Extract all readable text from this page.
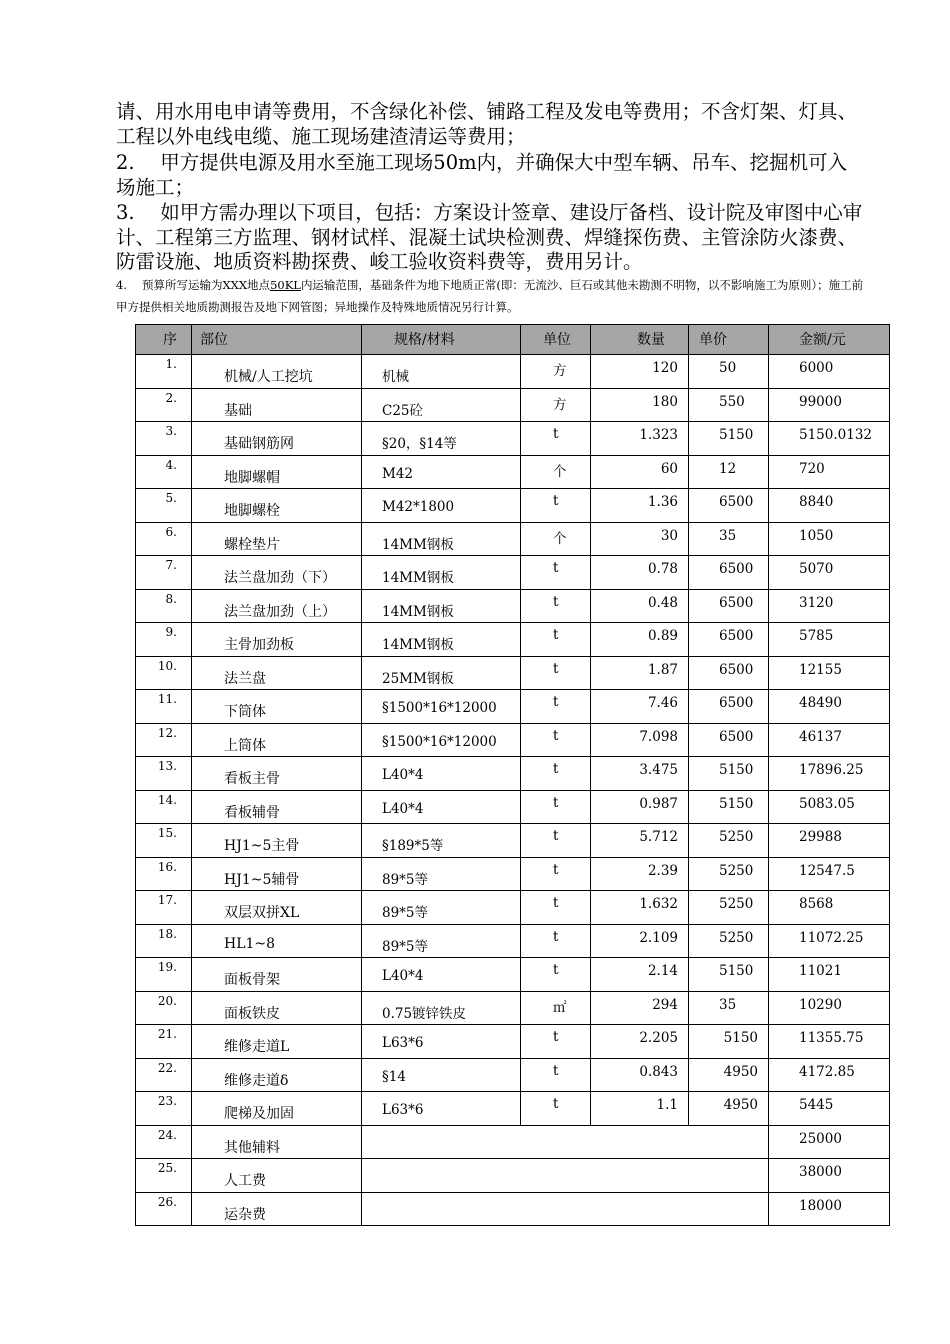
请、用水用电申请等费用，不含绿化补偿、铺路工程及发电等费用；不含灯架、灯具、工程以外电线电缆、施工现场建渣清运等费用；

2.　 甲方提供电源及用水至施工现场50m内，并确保大中型车辆、吊车、挖掘机可入场施工；

3.　 如甲方需办理以下项目，包括：方案设计签章、建设厅备档、设计院及审图中心审计、工程第三方监理、钢材试样、混凝土试块检测费、焊缝探伤费、主管涂防火漆费、防雷设施、地质资料勘探费、峻工验收资料费等，费用另计。

4. 预算所写运输为XXX地点50KL内运输范围，基础条件为地下地质正常(即：无流沙、巨石或其他未勘测不明物，以不影响施工为原则）；施工前甲方提供相关地质勘测报告及地下网管图；异地操作及特殊地质情况另行计算。

序	部位	规格/材料	单位	数量	单价	金额/元

1.	机械/人工挖坑	机械	方	120	50	6000

2.	基础	C25砼	方	180	550	99000

3.	基础钢筋网	§20，§14等	t	1.323	5150	5150.0132

4.	地脚螺帽	M42	个	60	12	720

5.	地脚螺栓	M42*1800	t	1.36	6500	8840

6.	螺栓垫片	14MM钢板	个	30	35	1050

7.	法兰盘加劲（下）	14MM钢板	t	0.78	6500	5070

8.	法兰盘加劲（上）	14MM钢板	t	0.48	6500	3120

9.	主骨加劲板	14MM钢板	t	0.89	6500	5785

10.	法兰盘	25MM钢板	t	1.87	6500	12155

11.	下筒体	§1500*16*12000	t	7.46	6500	48490

12.	上筒体	§1500*16*12000	t	7.098	6500	46137

13.	看板主骨	L40*4	t	3.475	5150	17896.25

14.	看板辅骨	L40*4	t	0.987	5150	5083.05

15.	HJ1~5主骨	§189*5等	t	5.712	5250	29988

16.	HJ1~5辅骨	89*5等	t	2.39	5250	12547.5

17.	双层双拼XL	89*5等	t	1.632	5250	8568

18.	HL1~8	89*5等	t	2.109	5250	11072.25

19.	面板骨架	L40*4	t	2.14	5150	11021

20.	面板铁皮	0.75镀锌铁皮	㎡	294	35	10290

21.	维修走道L	L63*6	t	2.205	5150	11355.75

22.	维修走道δ	§14	t	0.843	4950	4172.85

23.	爬梯及加固	L63*6	t	1.1	4950	5445

24.	其他辅料					25000

25.	人工费					38000

26.	运杂费					18000
